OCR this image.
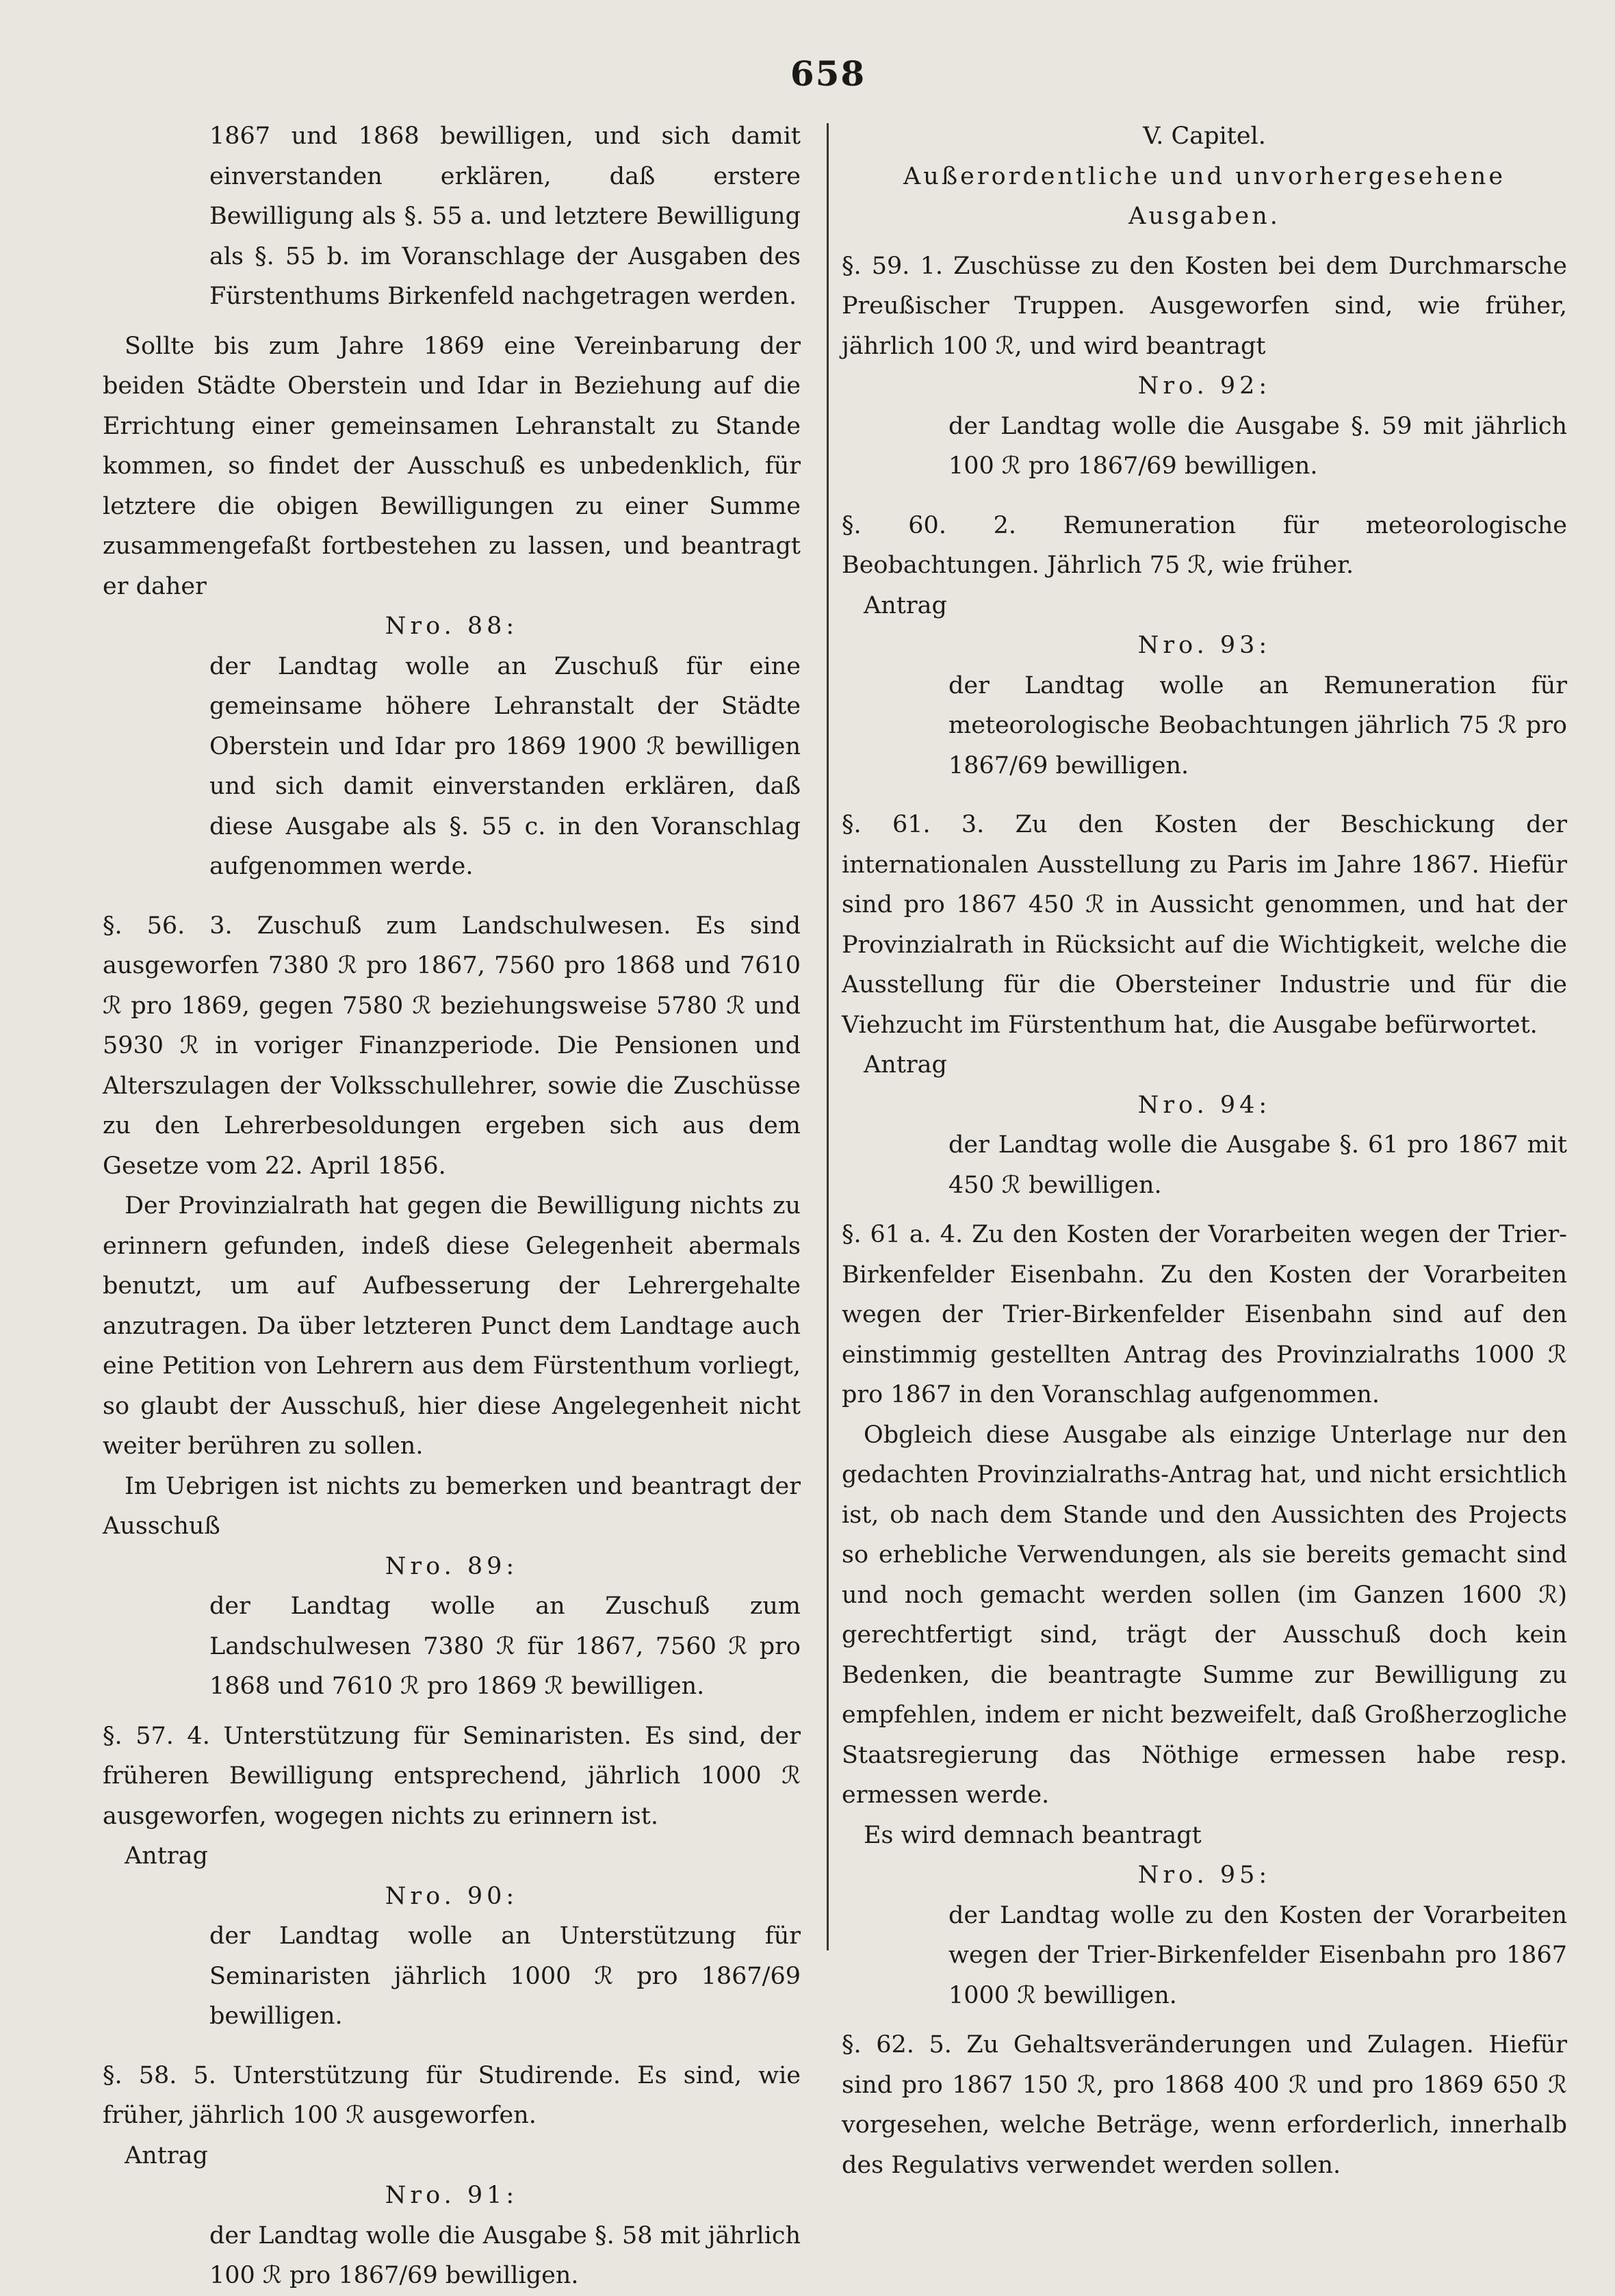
658

1867 und 1868 bewilligen, und sich damit einverstanden erklären, daß erstere Bewilligung als §. 55 a. und letztere Bewilligung als §. 55 b. im Voranschlage der Ausgaben des Fürstenthums Birkenfeld nachgetragen werden.

Sollte bis zum Jahre 1869 eine Vereinbarung der beiden Städte Oberstein und Idar in Beziehung auf die Errichtung einer gemeinsamen Lehranstalt zu Stande kommen, so findet der Ausschuß es unbedenklich, für letztere die obigen Bewilligungen zu einer Summe zusammengefaßt fortbestehen zu lassen, und beantragt er daher

Nro. 88:

der Landtag wolle an Zuschuß für eine gemeinsame höhere Lehranstalt der Städte Oberstein und Idar pro 1869 1900 ℛ bewilligen und sich damit einverstanden erklären, daß diese Ausgabe als §. 55 c. in den Voranschlag aufgenommen werde.

§. 56. 3. Zuschuß zum Landschulwesen. Es sind ausgeworfen 7380 ℛ pro 1867, 7560 pro 1868 und 7610 ℛ pro 1869, gegen 7580 ℛ beziehungsweise 5780 ℛ und 5930 ℛ in voriger Finanzperiode. Die Pensionen und Alterszulagen der Volksschullehrer, sowie die Zuschüsse zu den Lehrerbesoldungen ergeben sich aus dem Gesetze vom 22. April 1856.

Der Provinzialrath hat gegen die Bewilligung nichts zu erinnern gefunden, indeß diese Gelegenheit abermals benutzt, um auf Aufbesserung der Lehrergehalte anzutragen. Da über letzteren Punct dem Landtage auch eine Petition von Lehrern aus dem Fürstenthum vorliegt, so glaubt der Ausschuß, hier diese Angelegenheit nicht weiter berühren zu sollen.

Im Uebrigen ist nichts zu bemerken und beantragt der Ausschuß

Nro. 89:

der Landtag wolle an Zuschuß zum Landschulwesen 7380 ℛ für 1867, 7560 ℛ pro 1868 und 7610 ℛ pro 1869 ℛ bewilligen.

§. 57. 4. Unterstützung für Seminaristen. Es sind, der früheren Bewilligung entsprechend, jährlich 1000 ℛ ausgeworfen, wogegen nichts zu erinnern ist.

Antrag

Nro. 90:

der Landtag wolle an Unterstützung für Seminaristen jährlich 1000 ℛ pro 1867/69 bewilligen.

§. 58. 5. Unterstützung für Studirende. Es sind, wie früher, jährlich 100 ℛ ausgeworfen.

Antrag

Nro. 91:

der Landtag wolle die Ausgabe §. 58 mit jährlich 100 ℛ pro 1867/69 bewilligen.

V. Capitel.

Außerordentliche und unvorhergesehene Ausgaben.

§. 59. 1. Zuschüsse zu den Kosten bei dem Durchmarsche Preußischer Truppen. Ausgeworfen sind, wie früher, jährlich 100 ℛ, und wird beantragt

Nro. 92:

der Landtag wolle die Ausgabe §. 59 mit jährlich 100 ℛ pro 1867/69 bewilligen.

§. 60. 2. Remuneration für meteorologische Beobachtungen. Jährlich 75 ℛ, wie früher.

Antrag

Nro. 93:

der Landtag wolle an Remuneration für meteorologische Beobachtungen jährlich 75 ℛ pro 1867/69 bewilligen.

§. 61. 3. Zu den Kosten der Beschickung der internationalen Ausstellung zu Paris im Jahre 1867. Hiefür sind pro 1867 450 ℛ in Aussicht genommen, und hat der Provinzialrath in Rücksicht auf die Wichtigkeit, welche die Ausstellung für die Obersteiner Industrie und für die Viehzucht im Fürstenthum hat, die Ausgabe befürwortet.

Antrag

Nro. 94:

der Landtag wolle die Ausgabe §. 61 pro 1867 mit 450 ℛ bewilligen.

§. 61 a. 4. Zu den Kosten der Vorarbeiten wegen der Trier-Birkenfelder Eisenbahn. Zu den Kosten der Vorarbeiten wegen der Trier-Birkenfelder Eisenbahn sind auf den einstimmig gestellten Antrag des Provinzialraths 1000 ℛ pro 1867 in den Voranschlag aufgenommen.

Obgleich diese Ausgabe als einzige Unterlage nur den gedachten Provinzialraths-Antrag hat, und nicht ersichtlich ist, ob nach dem Stande und den Aussichten des Projects so erhebliche Verwendungen, als sie bereits gemacht sind und noch gemacht werden sollen (im Ganzen 1600 ℛ) gerechtfertigt sind, trägt der Ausschuß doch kein Bedenken, die beantragte Summe zur Bewilligung zu empfehlen, indem er nicht bezweifelt, daß Großherzogliche Staatsregierung das Nöthige ermessen habe resp. ermessen werde.

Es wird demnach beantragt

Nro. 95:

der Landtag wolle zu den Kosten der Vorarbeiten wegen der Trier-Birkenfelder Eisenbahn pro 1867 1000 ℛ bewilligen.

§. 62. 5. Zu Gehaltsveränderungen und Zulagen. Hiefür sind pro 1867 150 ℛ, pro 1868 400 ℛ und pro 1869 650 ℛ vorgesehen, welche Beträge, wenn erforderlich, innerhalb des Regulativs verwendet werden sollen.
